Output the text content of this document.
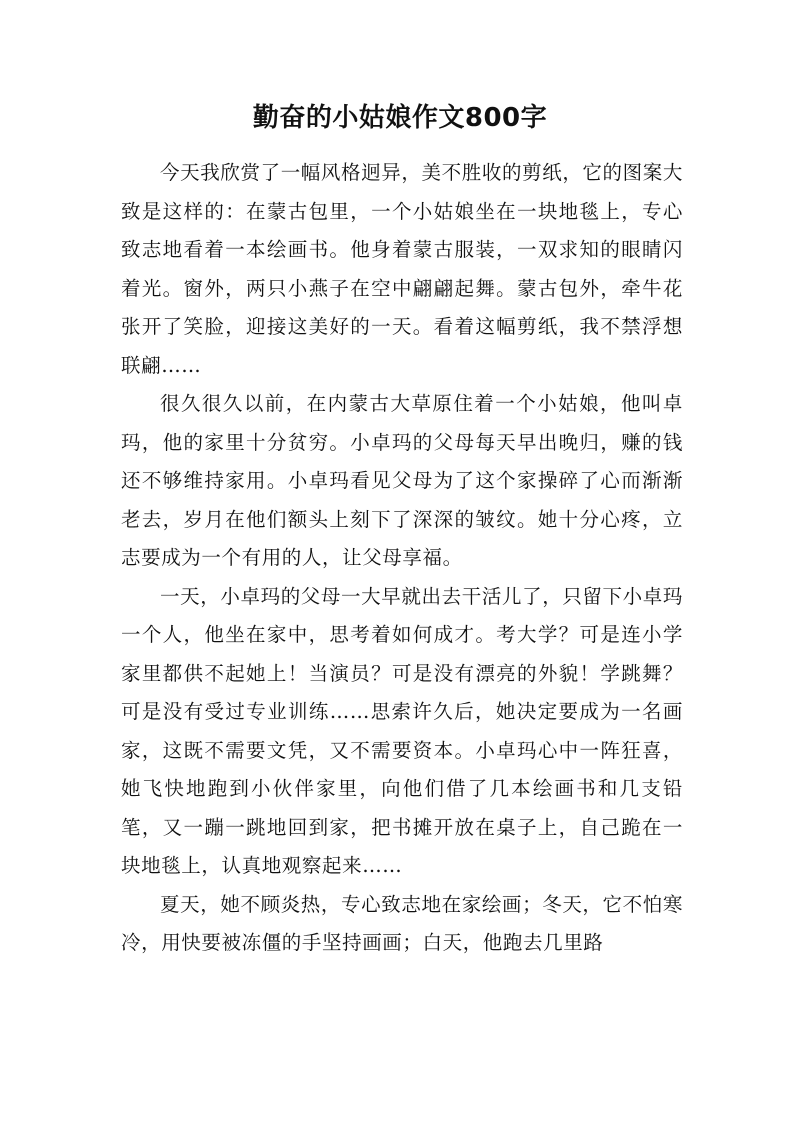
勤奋的小姑娘作文800字

今天我欣赏了一幅风格迥异，美不胜收的剪纸，它的图案大致是这样的：在蒙古包里，一个小姑娘坐在一块地毯上，专心致志地看着一本绘画书。他身着蒙古服装，一双求知的眼睛闪着光。窗外，两只小燕子在空中翩翩起舞。蒙古包外，牵牛花张开了笑脸，迎接这美好的一天。看着这幅剪纸，我不禁浮想联翩……

很久很久以前，在内蒙古大草原住着一个小姑娘，他叫卓玛，他的家里十分贫穷。小卓玛的父母每天早出晚归，赚的钱还不够维持家用。小卓玛看见父母为了这个家操碎了心而渐渐老去，岁月在他们额头上刻下了深深的皱纹。她十分心疼，立志要成为一个有用的人，让父母享福。

一天，小卓玛的父母一大早就出去干活儿了，只留下小卓玛一个人，他坐在家中，思考着如何成才。考大学？可是连小学家里都供不起她上！当演员？可是没有漂亮的外貌！学跳舞？可是没有受过专业训练……思索许久后，她决定要成为一名画家，这既不需要文凭，又不需要资本。小卓玛心中一阵狂喜，她飞快地跑到小伙伴家里，向他们借了几本绘画书和几支铅笔，又一蹦一跳地回到家，把书摊开放在桌子上，自己跪在一块地毯上，认真地观察起来……

夏天，她不顾炎热，专心致志地在家绘画；冬天，它不怕寒冷，用快要被冻僵的手坚持画画；白天，他跑去几里路
